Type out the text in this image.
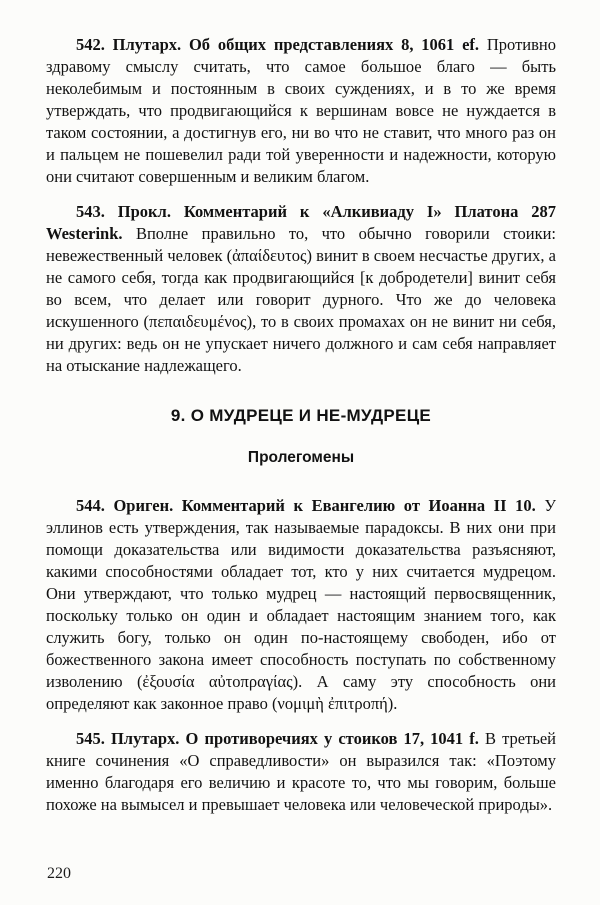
542. Плутарх. Об общих представлениях 8, 1061 ef. Противно здравому смыслу считать, что самое большое благо — быть неколебимым и постоянным в своих суждениях, и в то же время утверждать, что продвигающийся к вершинам вовсе не нуждается в таком состоянии, а достигнув его, ни во что не ставит, что много раз он и пальцем не пошевелил ради той уверенности и надежности, которую они считают совершенным и великим благом.

543. Прокл. Комментарий к «Алкивиаду I» Платона 287 Westerink. Вполне правильно то, что обычно говорили стоики: невежественный человек (ἀπαίδευτος) винит в своем несчастье других, а не самого себя, тогда как продвигающийся [к добродетели] винит себя во всем, что делает или говорит дурного. Что же до человека искушенного (πεπαιδευμένος), то в своих промахах он не винит ни себя, ни других: ведь он не упускает ничего должного и сам себя направляет на отыскание надлежащего.

9. О МУДРЕЦЕ И НЕ-МУДРЕЦЕ
Пролегомены

544. Ориген. Комментарий к Евангелию от Иоанна II 10. У эллинов есть утверждения, так называемые парадоксы. В них они при помощи доказательства или видимости доказательства разъясняют, какими способностями обладает тот, кто у них считается мудрецом. Они утверждают, что только мудрец — настоящий первосвященник, поскольку только он один и обладает настоящим знанием того, как служить богу, только он один по-настоящему свободен, ибо от божественного закона имеет способность поступать по собственному изволению (ἐξουσία αὐτοπραγίας). А саму эту способность они определяют как законное право (νομιμὴ ἐπιτροπή).

545. Плутарх. О противоречиях у стоиков 17, 1041 f. В третьей книге сочинения «О справедливости» он выразился так: «Поэтому именно благодаря его величию и красоте то, что мы говорим, больше похоже на вымысел и превышает человека или человеческой природы».

220
